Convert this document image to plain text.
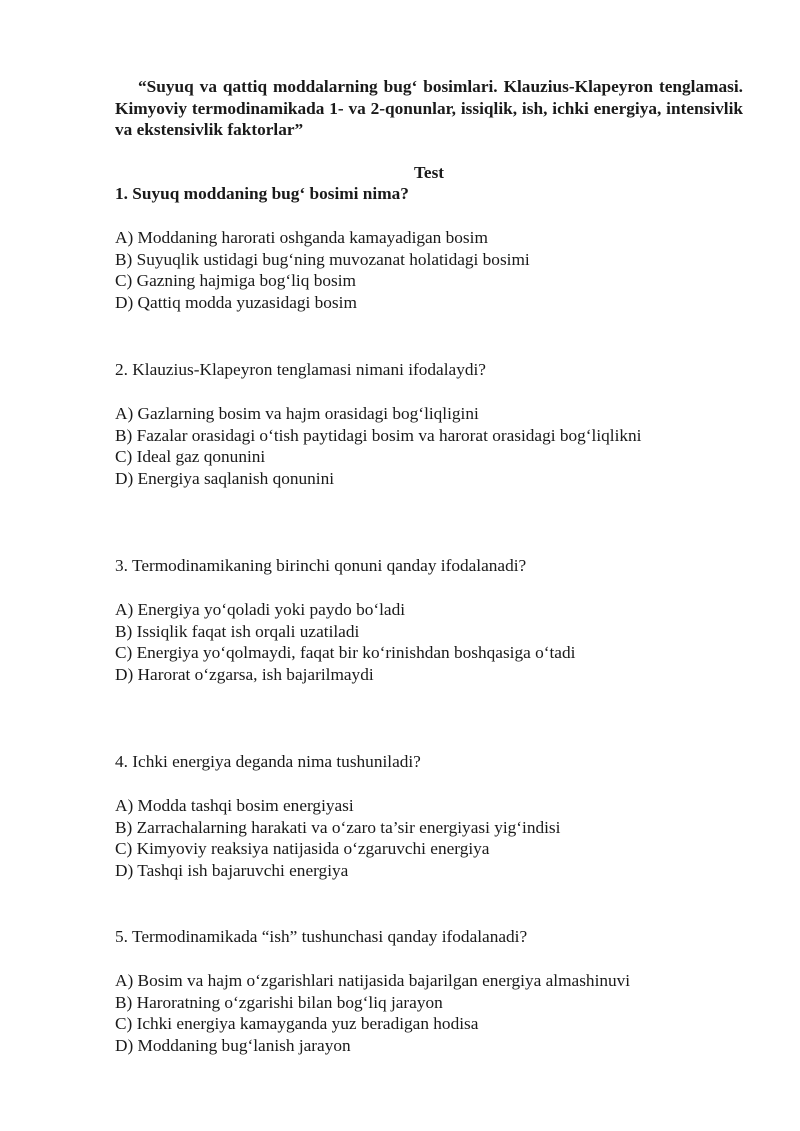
“Suyuq va qattiq moddalarning bug‘ bosimlari. Klauzius-Klapeyron tenglamasi. Kimyoviy termodinamikada 1- va 2-qonunlar, issiqlik, ish, ichki energiya, intensivlik va ekstensivlik faktorlar”

Test

1. Suyuq moddaning bug‘ bosimi nima?

A) Moddaning harorati oshganda kamayadigan bosim
B) Suyuqlik ustidagi bug‘ning muvozanat holatidagi bosimi
C) Gazning hajmiga bog‘liq bosim
D) Qattiq modda yuzasidagi bosim

2. Klauzius-Klapeyron tenglamasi nimani ifodalaydi?

A) Gazlarning bosim va hajm orasidagi bog‘liqligini
B) Fazalar orasidagi o‘tish paytidagi bosim va harorat orasidagi bog‘liqlikni
C) Ideal gaz qonunini
D) Energiya saqlanish qonunini

3. Termodinamikaning birinchi qonuni qanday ifodalanadi?

A) Energiya yo‘qoladi yoki paydo bo‘ladi
B) Issiqlik faqat ish orqali uzatiladi
C) Energiya yo‘qolmaydi, faqat bir ko‘rinishdan boshqasiga o‘tadi
D) Harorat o‘zgarsa, ish bajarilmaydi

4. Ichki energiya deganda nima tushuniladi?

A) Modda tashqi bosim energiyasi
B) Zarrachalarning harakati va o‘zaro ta’sir energiyasi yig‘indisi
C) Kimyoviy reaksiya natijasida o‘zgaruvchi energiya
D) Tashqi ish bajaruvchi energiya

5. Termodinamikada “ish” tushunchasi qanday ifodalanadi?

A) Bosim va hajm o‘zgarishlari natijasida bajarilgan energiya almashinuvi
B) Haroratning o‘zgarishi bilan bog‘liq jarayon
C) Ichki energiya kamayganda yuz beradigan hodisa
D) Moddaning bug‘lanish jarayon
